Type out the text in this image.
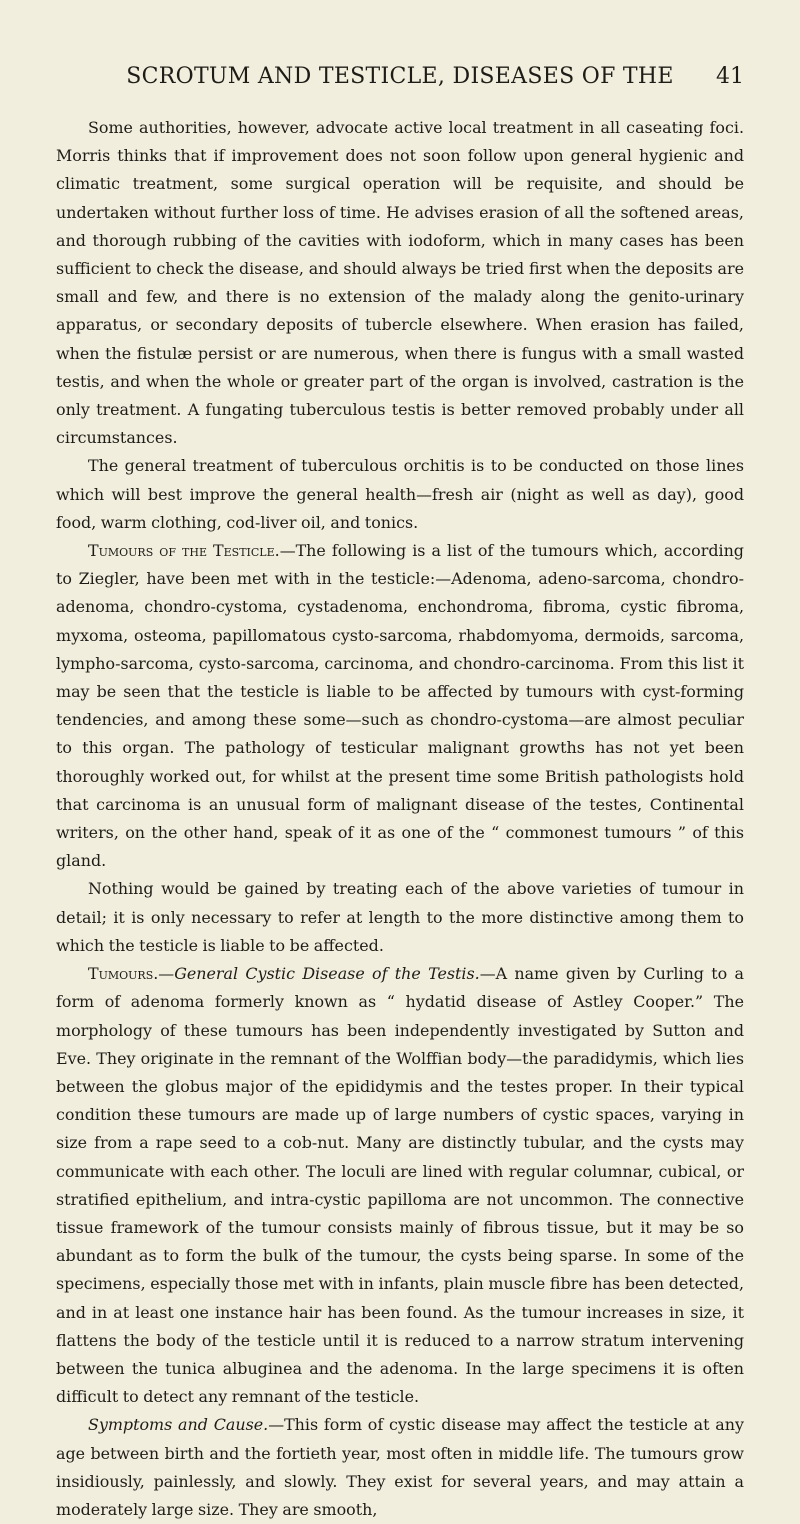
SCROTUM AND TESTICLE, DISEASES OF THE	41

Some authorities, however, advocate active local treatment in all caseating foci. Morris thinks that if improvement does not soon follow upon general hygienic and climatic treatment, some surgical operation will be requisite, and should be undertaken without further loss of time. He advises erasion of all the softened areas, and thorough rubbing of the cavities with iodoform, which in many cases has been sufficient to check the disease, and should always be tried first when the deposits are small and few, and there is no extension of the malady along the genito-urinary apparatus, or secondary deposits of tubercle elsewhere. When erasion has failed, when the fistulæ persist or are numerous, when there is fungus with a small wasted testis, and when the whole or greater part of the organ is involved, castration is the only treatment. A fungating tuberculous testis is better removed probably under all circumstances.

The general treatment of tuberculous orchitis is to be conducted on those lines which will best improve the general health—fresh air (night as well as day), good food, warm clothing, cod-liver oil, and tonics.

Tumours of the Testicle.—The following is a list of the tumours which, according to Ziegler, have been met with in the testicle:—Adenoma, adeno-sarcoma, chondro-adenoma, chondro-cystoma, cystadenoma, enchondroma, fibroma, cystic fibroma, myxoma, osteoma, papillomatous cysto-sarcoma, rhabdomyoma, dermoids, sarcoma, lympho-sarcoma, cysto-sarcoma, carcinoma, and chondro-carcinoma. From this list it may be seen that the testicle is liable to be affected by tumours with cyst-forming tendencies, and among these some—such as chondro-cystoma—are almost peculiar to this organ. The pathology of testicular malignant growths has not yet been thoroughly worked out, for whilst at the present time some British pathologists hold that carcinoma is an unusual form of malignant disease of the testes, Continental writers, on the other hand, speak of it as one of the “ commonest tumours ” of this gland.

Nothing would be gained by treating each of the above varieties of tumour in detail; it is only necessary to refer at length to the more distinctive among them to which the testicle is liable to be affected.

Tumours.—General Cystic Disease of the Testis.—A name given by Curling to a form of adenoma formerly known as “ hydatid disease of Astley Cooper.” The morphology of these tumours has been independently investigated by Sutton and Eve. They originate in the remnant of the Wolffian body—the paradidymis, which lies between the globus major of the epididymis and the testes proper. In their typical condition these tumours are made up of large numbers of cystic spaces, varying in size from a rape seed to a cob-nut. Many are distinctly tubular, and the cysts may communicate with each other. The loculi are lined with regular columnar, cubical, or stratified epithelium, and intra-cystic papilloma are not uncommon. The connective tissue framework of the tumour consists mainly of fibrous tissue, but it may be so abundant as to form the bulk of the tumour, the cysts being sparse. In some of the specimens, especially those met with in infants, plain muscle fibre has been detected, and in at least one instance hair has been found. As the tumour increases in size, it flattens the body of the testicle until it is reduced to a narrow stratum intervening between the tunica albuginea and the adenoma. In the large specimens it is often difficult to detect any remnant of the testicle.

Symptoms and Cause.—This form of cystic disease may affect the testicle at any age between birth and the fortieth year, most often in middle life. The tumours grow insidiously, painlessly, and slowly. They exist for several years, and may attain a moderately large size. They are smooth,
